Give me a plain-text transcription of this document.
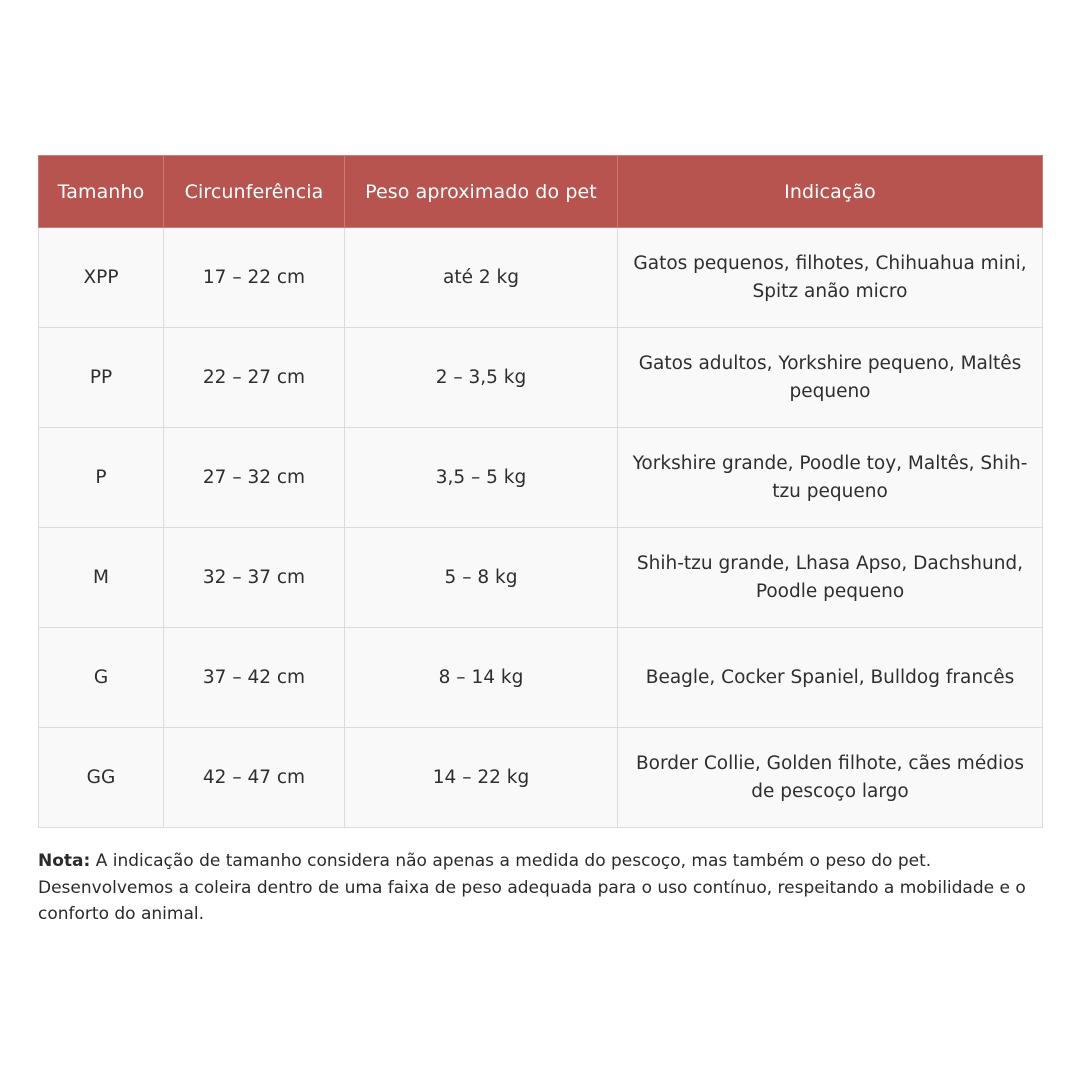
Tamanho	Circunferência	Peso aproximado do pet	Indicação
XPP	17 – 22 cm	até 2 kg	Gatos pequenos, filhotes, Chihuahua mini, Spitz anão micro
PP	22 – 27 cm	2 – 3,5 kg	Gatos adultos, Yorkshire pequeno, Maltês pequeno
P	27 – 32 cm	3,5 – 5 kg	Yorkshire grande, Poodle toy, Maltês, Shih-tzu pequeno
M	32 – 37 cm	5 – 8 kg	Shih-tzu grande, Lhasa Apso, Dachshund, Poodle pequeno
G	37 – 42 cm	8 – 14 kg	Beagle, Cocker Spaniel, Bulldog francês
GG	42 – 47 cm	14 – 22 kg	Border Collie, Golden filhote, cães médios de pescoço largo

Nota: A indicação de tamanho considera não apenas a medida do pescoço, mas também o peso do pet. Desenvolvemos a coleira dentro de uma faixa de peso adequada para o uso contínuo, respeitando a mobilidade e o conforto do animal.
